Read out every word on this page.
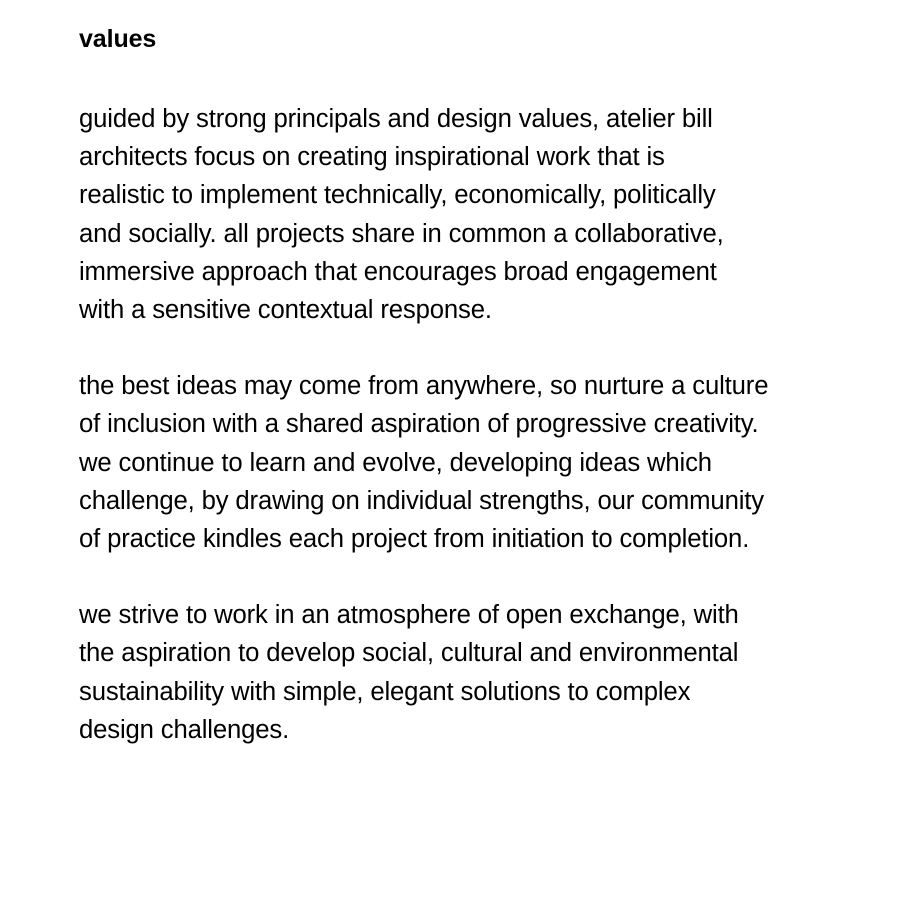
values

guided by strong principals and design values, atelier bill
architects focus on creating inspirational work that is
realistic to implement technically, economically, politically
and socially. all projects share in common a collaborative,
immersive approach that encourages broad engagement
with a sensitive contextual response.

the best ideas may come from anywhere, so nurture a culture
of inclusion with a shared aspiration of progressive creativity.
we continue to learn and evolve, developing ideas which
challenge, by drawing on individual strengths, our community
of practice kindles each project from initiation to completion.

we strive to work in an atmosphere of open exchange, with
the aspiration to develop social, cultural and environmental
sustainability with simple, elegant solutions to complex
design challenges.
